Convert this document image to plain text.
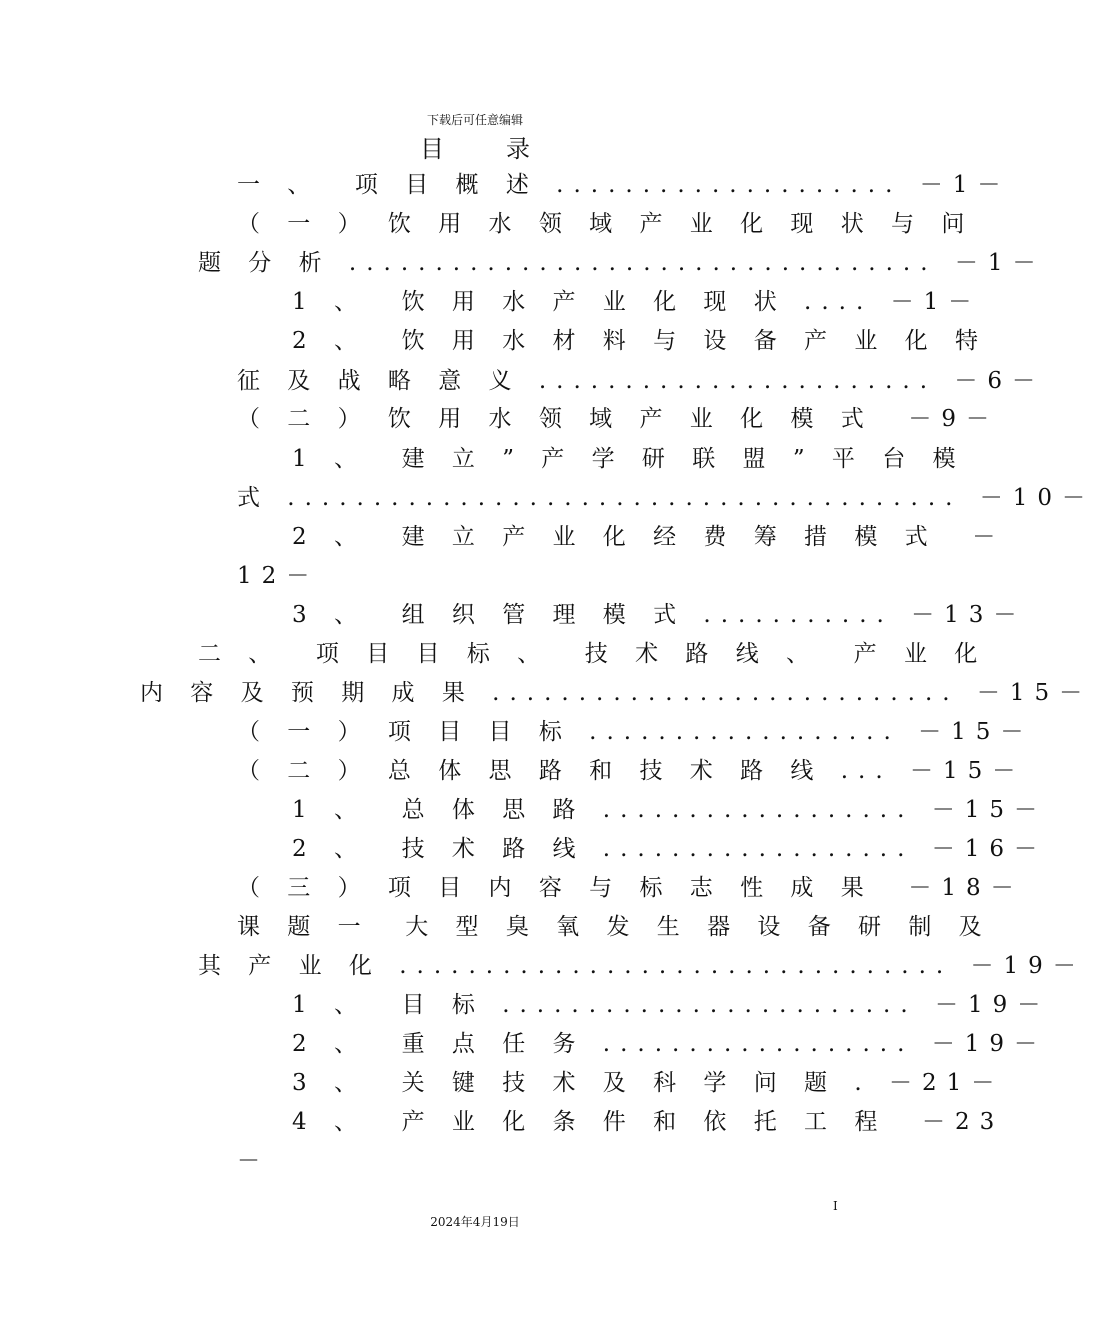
下载后可任意编辑
目	录
一 、  项 目 概 述 .................... －1－
（ 一 ） 饮 用 水 领 域 产 业 化 现 状 与 问
题 分 析 .................................. －1－
1 、  饮 用 水 产 业 化 现 状 .... －1－
2 、  饮 用 水 材 料 与 设 备 产 业 化 特
征 及 战 略 意 义 ....................... －6－
（ 二 ） 饮 用 水 领 域 产 业 化 模 式  －9－
1 、  建 立 ” 产 学 研 联 盟 ” 平 台 模
式 ....................................... －10－
2 、  建 立 产 业 化 经 费 筹 措 模 式  －
12－
3 、  组 织 管 理 模 式 ........... －13－
二 、  项 目 目 标 、  技 术 路 线 、  产 业 化
内 容 及 预 期 成 果 ........................... －15－
（ 一 ） 项 目 目 标 .................. －15－
（ 二 ） 总 体 思 路 和 技 术 路 线 ... －15－
1 、  总 体 思 路 .................. －15－
2 、  技 术 路 线 .................. －16－
（ 三 ） 项 目 内 容 与 标 志 性 成 果  －18－
课 题 一  大 型 臭 氧 发 生 器 设 备 研 制 及
其 产 业 化 ................................ －19－
1 、  目 标 ........................ －19－
2 、  重 点 任 务 .................. －19－
3 、  关 键 技 术 及 科 学 问 题 . －21－
4 、  产 业 化 条 件 和 依 托 工 程  －23
－
I
2024年4月19日
